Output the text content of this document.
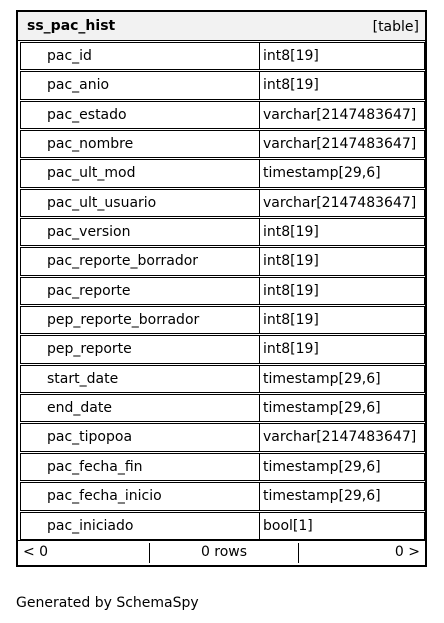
ss_pac_hist	[table]
pac_id	int8[19]
pac_anio	int8[19]
pac_estado	varchar[2147483647]
pac_nombre	varchar[2147483647]
pac_ult_mod	timestamp[29,6]
pac_ult_usuario	varchar[2147483647]
pac_version	int8[19]
pac_reporte_borrador	int8[19]
pac_reporte	int8[19]
pep_reporte_borrador	int8[19]
pep_reporte	int8[19]
start_date	timestamp[29,6]
end_date	timestamp[29,6]
pac_tipopoa	varchar[2147483647]
pac_fecha_fin	timestamp[29,6]
pac_fecha_inicio	timestamp[29,6]
pac_iniciado	bool[1]
< 0	0 rows	0 >
Generated by SchemaSpy
